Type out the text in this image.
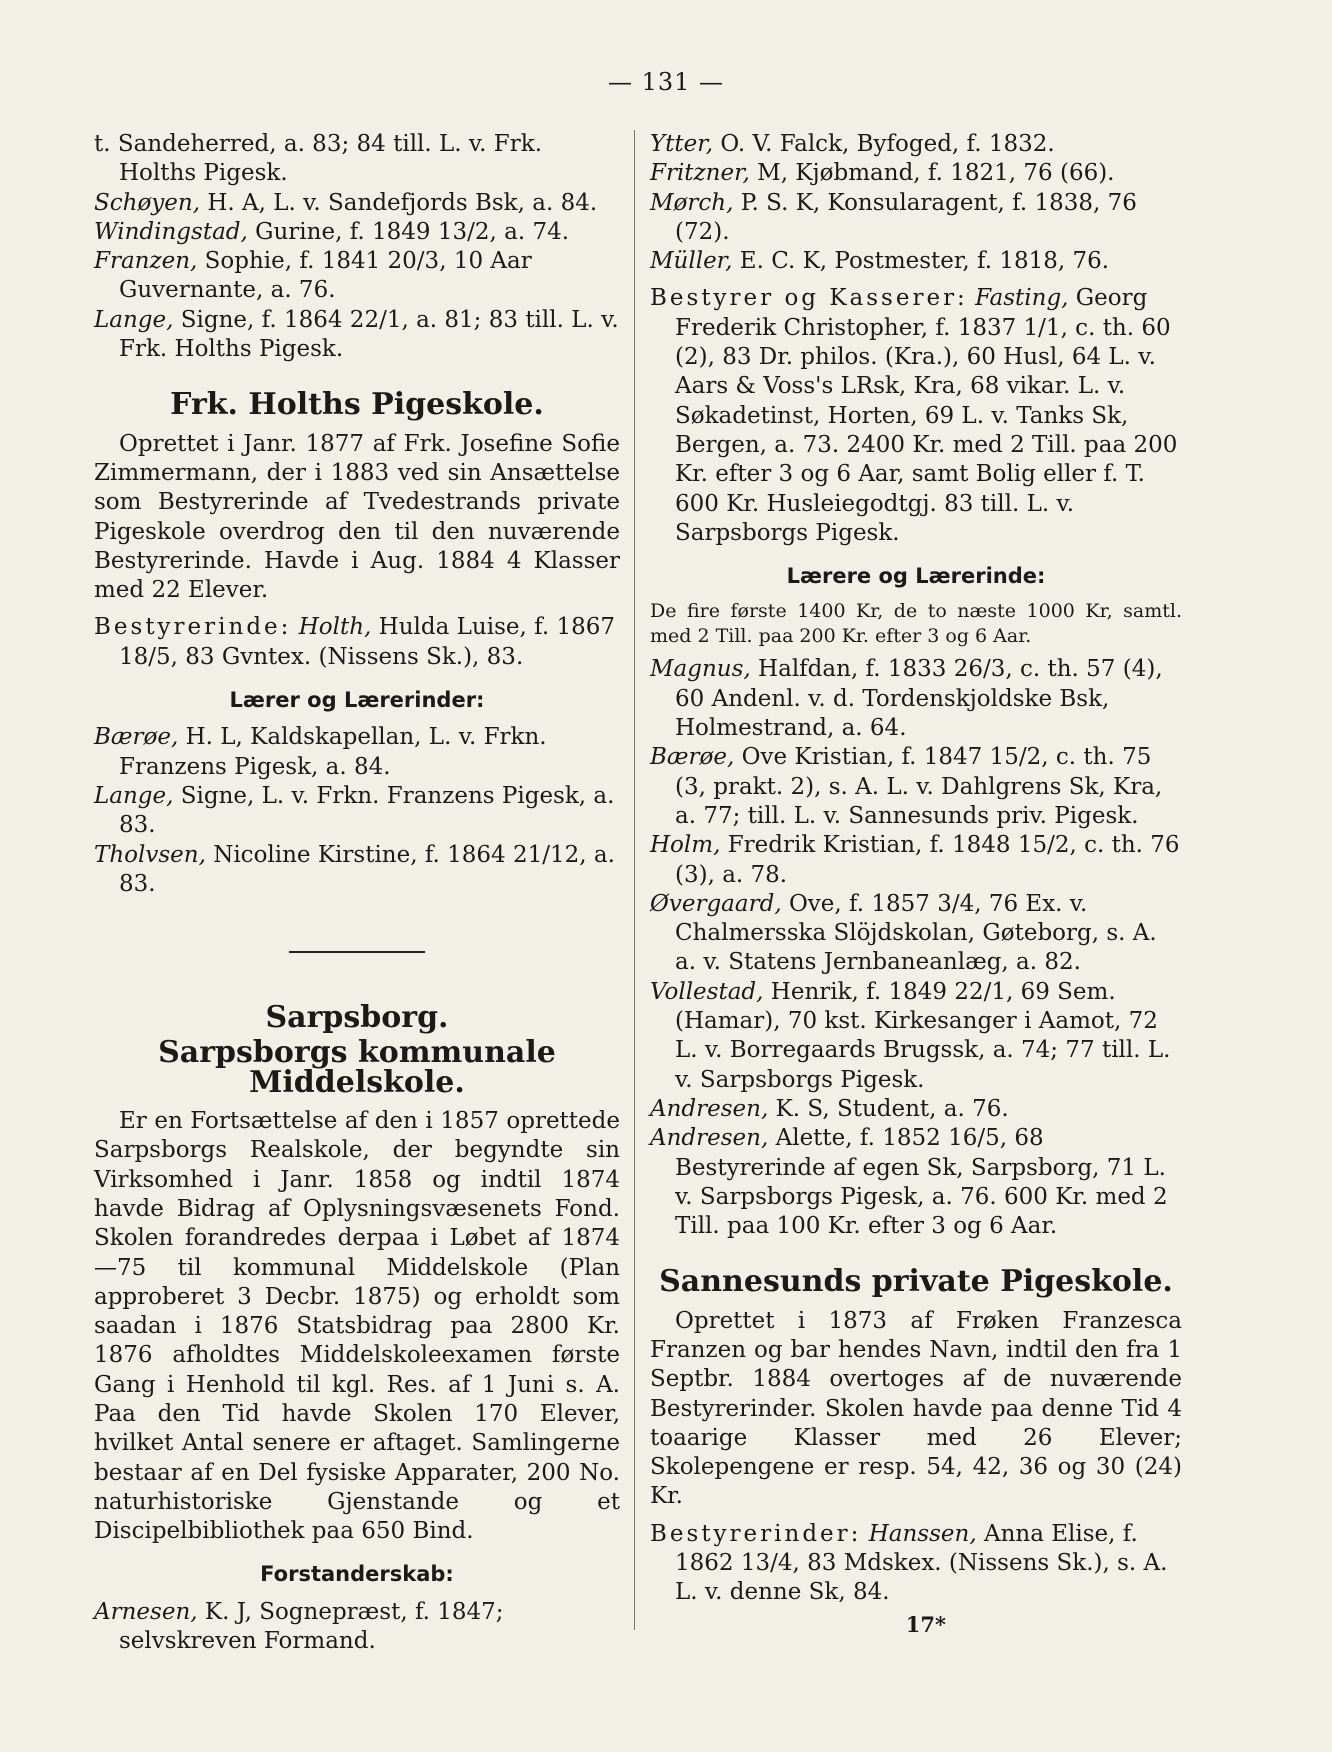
— 131 —

t. Sandeherred, a. 83; 84 till. L. v. Frk. Holths Pigesk.

Schøyen, H. A, L. v. Sandefjords Bsk, a. 84.

Windingstad, Gurine, f. 1849 13/2, a. 74.

Franzen, Sophie, f. 1841 20/3, 10 Aar Guvernante, a. 76.

Lange, Signe, f. 1864 22/1, a. 81; 83 till. L. v. Frk. Holths Pigesk.

Frk. Holths Pigeskole.

Oprettet i Janr. 1877 af Frk. Josefine Sofie Zimmermann, der i 1883 ved sin Ansættelse som Bestyrerinde af Tvedestrands private Pigeskole overdrog den til den nuværende Bestyrerinde. Havde i Aug. 1884 4 Klasser med 22 Elever.

Bestyrerinde: Holth, Hulda Luise, f. 1867 18/5, 83 Gvntex. (Nissens Sk.), 83.

Lærer og Lærerinder:

Bærøe, H. L, Kaldskapellan, L. v. Frkn. Franzens Pigesk, a. 84.

Lange, Signe, L. v. Frkn. Franzens Pigesk, a. 83.

Tholvsen, Nicoline Kirstine, f. 1864 21/12, a. 83.

Sarpsborg.
Sarpsborgs kommunale Middelskole.

Er en Fortsættelse af den i 1857 oprettede Sarpsborgs Realskole, der begyndte sin Virksomhed i Janr. 1858 og indtil 1874 havde Bidrag af Oplysningsvæsenets Fond. Skolen forandredes derpaa i Løbet af 1874 —75 til kommunal Middelskole (Plan approberet 3 Decbr. 1875) og erholdt som saadan i 1876 Statsbidrag paa 2800 Kr. 1876 afholdtes Middelskoleexamen første Gang i Henhold til kgl. Res. af 1 Juni s. A. Paa den Tid havde Skolen 170 Elever, hvilket Antal senere er aftaget. Samlingerne bestaar af en Del fysiske Apparater, 200 No. naturhistoriske Gjenstande og et Discipelbibliothek paa 650 Bind.

Forstanderskab:

Arnesen, K. J, Sognepræst, f. 1847; selvskreven Formand.

Ytter, O. V. Falck, Byfoged, f. 1832.

Fritzner, M, Kjøbmand, f. 1821, 76 (66).

Mørch, P. S. K, Konsularagent, f. 1838, 76 (72).

Müller, E. C. K, Postmester, f. 1818, 76.

Bestyrer og Kasserer: Fasting, Georg Frederik Christopher, f. 1837 1/1, c. th. 60 (2), 83 Dr. philos. (Kra.), 60 Husl, 64 L. v. Aars & Voss's LRsk, Kra, 68 vikar. L. v. Søkadetinst, Horten, 69 L. v. Tanks Sk, Bergen, a. 73. 2400 Kr. med 2 Till. paa 200 Kr. efter 3 og 6 Aar, samt Bolig eller f. T. 600 Kr. Husleiegodtgj. 83 till. L. v. Sarpsborgs Pigesk.

Lærere og Lærerinde:

De fire første 1400 Kr, de to næste 1000 Kr, samtl. med 2 Till. paa 200 Kr. efter 3 og 6 Aar.

Magnus, Halfdan, f. 1833 26/3, c. th. 57 (4), 60 Andenl. v. d. Tordenskjoldske Bsk, Holmestrand, a. 64.

Bærøe, Ove Kristian, f. 1847 15/2, c. th. 75 (3, prakt. 2), s. A. L. v. Dahlgrens Sk, Kra, a. 77; till. L. v. Sannesunds priv. Pigesk.

Holm, Fredrik Kristian, f. 1848 15/2, c. th. 76 (3), a. 78.

Øvergaard, Ove, f. 1857 3/4, 76 Ex. v. Chalmersska Slöjdskolan, Gøteborg, s. A. a. v. Statens Jernbaneanlæg, a. 82.

Vollestad, Henrik, f. 1849 22/1, 69 Sem. (Hamar), 70 kst. Kirkesanger i Aamot, 72 L. v. Borregaards Brugssk, a. 74; 77 till. L. v. Sarpsborgs Pigesk.

Andresen, K. S, Student, a. 76.

Andresen, Alette, f. 1852 16/5, 68 Bestyrerinde af egen Sk, Sarpsborg, 71 L. v. Sarpsborgs Pigesk, a. 76. 600 Kr. med 2 Till. paa 100 Kr. efter 3 og 6 Aar.

Sannesunds private Pigeskole.

Oprettet i 1873 af Frøken Franzesca Franzen og bar hendes Navn, indtil den fra 1 Septbr. 1884 overtoges af de nuværende Bestyrerinder. Skolen havde paa denne Tid 4 toaarige Klasser med 26 Elever; Skolepengene er resp. 54, 42, 36 og 30 (24) Kr.

Bestyrerinder: Hanssen, Anna Elise, f. 1862 13/4, 83 Mdskex. (Nissens Sk.), s. A. L. v. denne Sk, 84.

17*
